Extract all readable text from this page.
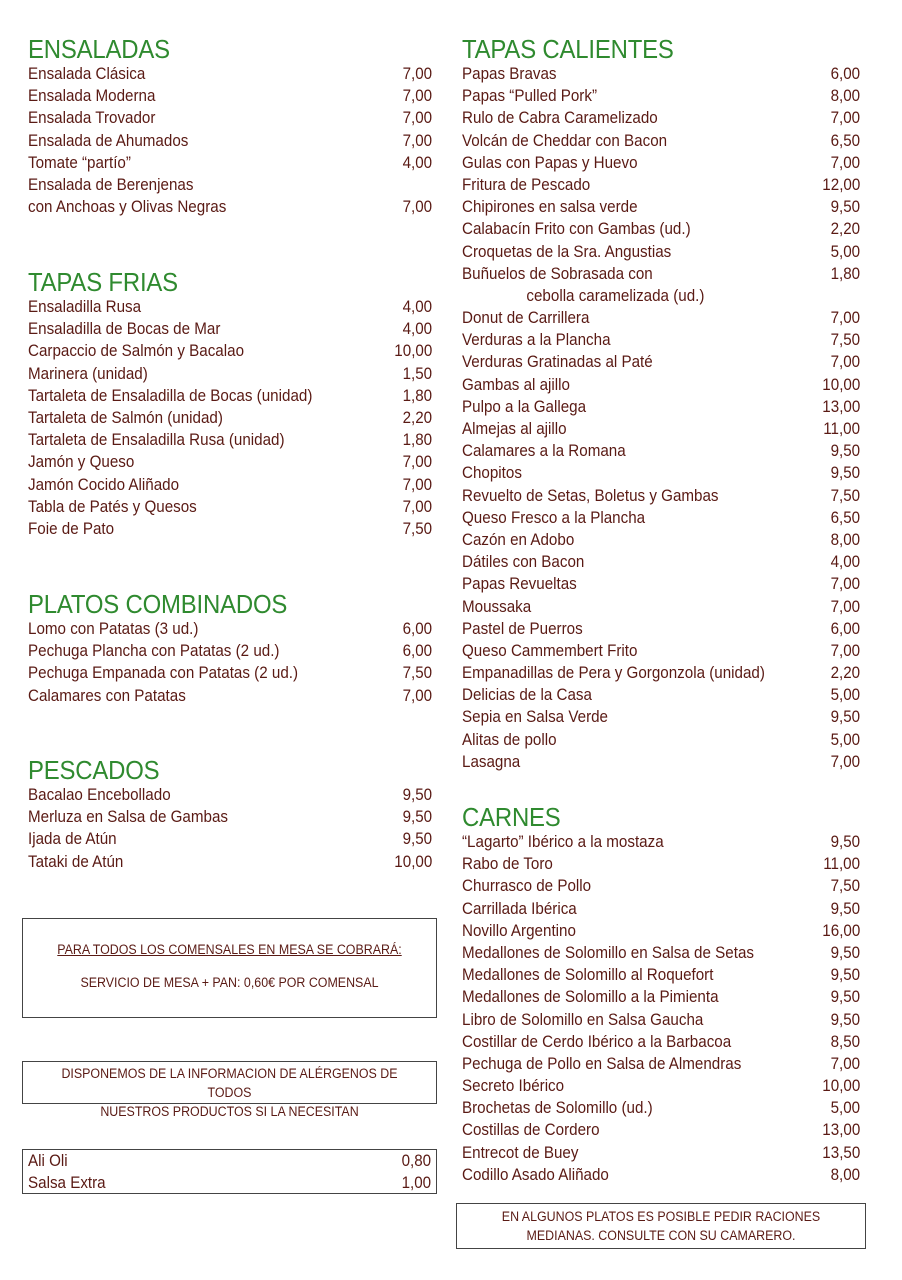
ENSALADAS
Ensalada Clásica	7,00
Ensalada Moderna	7,00
Ensalada Trovador	7,00
Ensalada de Ahumados	7,00
Tomate “partío”	4,00
Ensalada de Berenjenas
con Anchoas y Olivas Negras	7,00
TAPAS FRIAS
Ensaladilla Rusa	4,00
Ensaladilla de Bocas de Mar	4,00
Carpaccio de Salmón y Bacalao	10,00
Marinera (unidad)	1,50
Tartaleta de Ensaladilla de Bocas (unidad)	1,80
Tartaleta de Salmón (unidad)	2,20
Tartaleta de Ensaladilla Rusa (unidad)	1,80
Jamón y Queso	7,00
Jamón Cocido Aliñado	7,00
Tabla de Patés y Quesos	7,00
Foie de Pato	7,50
PLATOS COMBINADOS
Lomo con Patatas (3 ud.)	6,00
Pechuga Plancha con Patatas (2 ud.)	6,00
Pechuga Empanada con Patatas (2 ud.)	7,50
Calamares con Patatas	7,00
PESCADOS
Bacalao Encebollado	9,50
Merluza en Salsa de Gambas	9,50
Ijada de Atún	9,50
Tataki de Atún	10,00
PARA TODOS LOS COMENSALES EN MESA SE COBRARÁ:
SERVICIO DE MESA + PAN: 0,60€ POR COMENSAL
DISPONEMOS DE LA INFORMACION DE ALÉRGENOS DE TODOS
NUESTROS PRODUCTOS SI LA NECESITAN
Ali Oli	0,80
Salsa Extra	1,00
TAPAS CALIENTES
Papas Bravas	6,00
Papas “Pulled Pork”	8,00
Rulo de Cabra Caramelizado	7,00
Volcán de Cheddar con Bacon	6,50
Gulas con Papas y Huevo	7,00
Fritura de Pescado	12,00
Chipirones en salsa verde	9,50
Calabacín Frito con Gambas (ud.)	2,20
Croquetas de la Sra. Angustias	5,00
Buñuelos de Sobrasada con	1,80
cebolla caramelizada (ud.)
Donut de Carrillera	7,00
Verduras a la Plancha	7,50
Verduras Gratinadas al Paté	7,00
Gambas al ajillo	10,00
Pulpo a la Gallega	13,00
Almejas al ajillo	11,00
Calamares a la Romana	9,50
Chopitos	9,50
Revuelto de Setas, Boletus y Gambas	7,50
Queso Fresco a la Plancha	6,50
Cazón en Adobo	8,00
Dátiles con Bacon	4,00
Papas Revueltas	7,00
Moussaka	7,00
Pastel de Puerros	6,00
Queso Cammembert Frito	7,00
Empanadillas de Pera y Gorgonzola (unidad)	2,20
Delicias de la Casa	5,00
Sepia en Salsa Verde	9,50
Alitas de pollo	5,00
Lasagna	7,00
CARNES
“Lagarto” Ibérico a la mostaza	9,50
Rabo de Toro	11,00
Churrasco de Pollo	7,50
Carrillada Ibérica	9,50
Novillo Argentino	16,00
Medallones de Solomillo en Salsa de Setas	9,50
Medallones de Solomillo al Roquefort	9,50
Medallones de Solomillo a la Pimienta	9,50
Libro de Solomillo en Salsa Gaucha	9,50
Costillar de Cerdo Ibérico a la Barbacoa	8,50
Pechuga de Pollo en Salsa de Almendras	7,00
Secreto Ibérico	10,00
Brochetas de Solomillo (ud.)	5,00
Costillas de Cordero	13,00
Entrecot de Buey	13,50
Codillo Asado Aliñado	8,00
EN ALGUNOS PLATOS ES POSIBLE PEDIR RACIONES
MEDIANAS. CONSULTE CON SU CAMARERO.
